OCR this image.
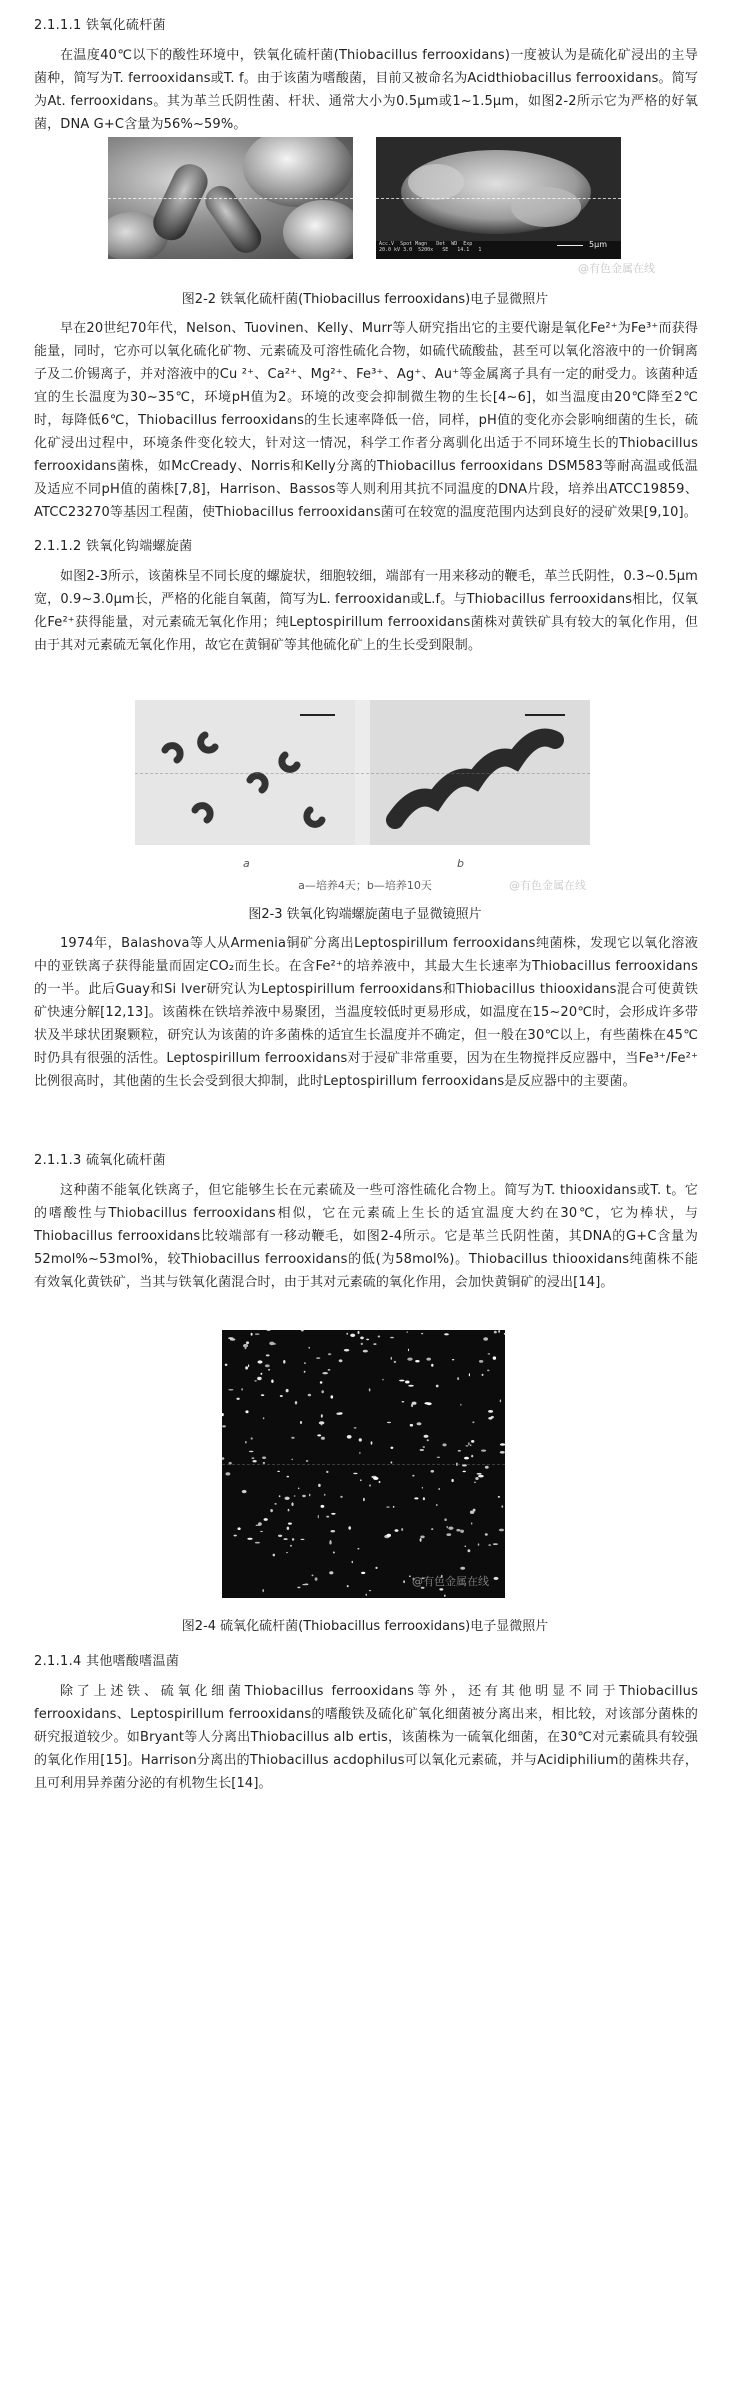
2.1.1.1 铁氧化硫杆菌
在温度40℃以下的酸性环境中，铁氧化硫杆菌(Thiobacillus ferrooxidans)一度被认为是硫化矿浸出的主导菌种，简写为T. ferrooxidans或T. f。由于该菌为嗜酸菌，目前又被命名为Acidthiobacillus ferrooxidans。简写为At. ferrooxidans。其为革兰氏阴性菌、杆状、通常大小为0.5μm或1~1.5μm，如图2-2所示它为严格的好氧菌，DNA G+C含量为56%~59%。
Acc.V  Spot Magn   Det  WD  Exp
20.0 kV 3.0  5200x   SE   14.1   1
5μm
@有色金属在线
图2-2 铁氧化硫杆菌(Thiobacillus ferrooxidans)电子显微照片
早在20世纪70年代，Nelson、Tuovinen、Kelly、Murr等人研究指出它的主要代谢是氧化Fe²⁺为Fe³⁺而获得能量，同时，它亦可以氧化硫化矿物、元素硫及可溶性硫化合物，如硫代硫酸盐，甚至可以氧化溶液中的一价铜离子及二价锡离子，并对溶液中的Cu ²⁺、Ca²⁺、Mg²⁺、Fe³⁺、Ag⁺、Au⁺等金属离子具有一定的耐受力。该菌种适宜的生长温度为30~35℃，环境pH值为2。环境的改变会抑制微生物的生长[4~6]，如当温度由20℃降至2℃时，每降低6℃，Thiobacillus ferrooxidans的生长速率降低一倍，同样，pH值的变化亦会影响细菌的生长，硫化矿浸出过程中，环境条件变化较大，针对这一情况，科学工作者分离驯化出适于不同环境生长的Thiobacillus ferrooxidans菌株，如McCready、Norris和Kelly分离的Thiobacillus ferrooxidans DSM583等耐高温或低温及适应不同pH值的菌株[7,8]，Harrison、Bassos等人则利用其抗不同温度的DNA片段，培养出ATCC19859、ATCC23270等基因工程菌，使Thiobacillus ferrooxidans菌可在较宽的温度范围内达到良好的浸矿效果[9,10]。
2.1.1.2 铁氧化钩端螺旋菌
如图2-3所示，该菌株呈不同长度的螺旋状，细胞较细，端部有一用来移动的鞭毛，革兰氏阴性，0.3~0.5μm宽，0.9~3.0μm长，严格的化能自氧菌，简写为L. ferrooxidan或L.f。与Thiobacillus ferrooxidans相比，仅氧化Fe²⁺获得能量，对元素硫无氧化作用；纯Leptospirillum ferrooxidans菌株对黄铁矿具有较大的氧化作用，但由于其对元素硫无氧化作用，故它在黄铜矿等其他硫化矿上的生长受到限制。
a	b
a—培养4天；b—培养10天	@有色金属在线
图2-3 铁氧化钩端螺旋菌电子显微镜照片
1974年，Balashova等人从Armenia铜矿分离出Leptospirillum ferrooxidans纯菌株，发现它以氧化溶液中的亚铁离子获得能量而固定CO₂而生长。在含Fe²⁺的培养液中，其最大生长速率为Thiobacillus ferrooxidans的一半。此后Guay和Si lver研究认为Leptospirillum ferrooxidans和Thiobacillus thiooxidans混合可使黄铁矿快速分解[12,13]。该菌株在铁培养液中易聚团，当温度较低时更易形成，如温度在15~20℃时，会形成许多带状及半球状团聚颗粒，研究认为该菌的许多菌株的适宜生长温度并不确定，但一般在30℃以上，有些菌株在45℃时仍具有很强的活性。Leptospirillum ferrooxidans对于浸矿非常重要，因为在生物搅拌反应器中，当Fe³⁺/Fe²⁺比例很高时，其他菌的生长会受到很大抑制，此时Leptospirillum ferrooxidans是反应器中的主要菌。
2.1.1.3 硫氧化硫杆菌
这种菌不能氧化铁离子，但它能够生长在元素硫及一些可溶性硫化合物上。简写为T. thiooxidans或T. t。它的嗜酸性与Thiobacillus ferrooxidans相似，它在元素硫上生长的适宜温度大约在30℃，它为棒状，与Thiobacillus ferrooxidans比较端部有一移动鞭毛，如图2-4所示。它是革兰氏阴性菌，其DNA的G+C含量为52mol%~53mol%，较Thiobacillus ferrooxidans的低(为58mol%)。Thiobacillus thiooxidans纯菌株不能有效氧化黄铁矿，当其与铁氧化菌混合时，由于其对元素硫的氧化作用，会加快黄铜矿的浸出[14]。
@有色金属在线
图2-4 硫氧化硫杆菌(Thiobacillus ferrooxidans)电子显微照片
2.1.1.4 其他嗜酸嗜温菌
除了上述铁、硫氧化细菌Thiobacillus ferrooxidans等外，还有其他明显不同于Thiobacillus ferrooxidans、Leptospirillum ferrooxidans的嗜酸铁及硫化矿氧化细菌被分离出来，相比较，对该部分菌株的研究报道较少。如Bryant等人分离出Thiobacillus alb ertis，该菌株为一硫氧化细菌，在30℃对元素硫具有较强的氧化作用[15]。Harrison分离出的Thiobacillus acdophilus可以氧化元素硫，并与Acidiphilium的菌株共存，且可利用异养菌分泌的有机物生长[14]。
